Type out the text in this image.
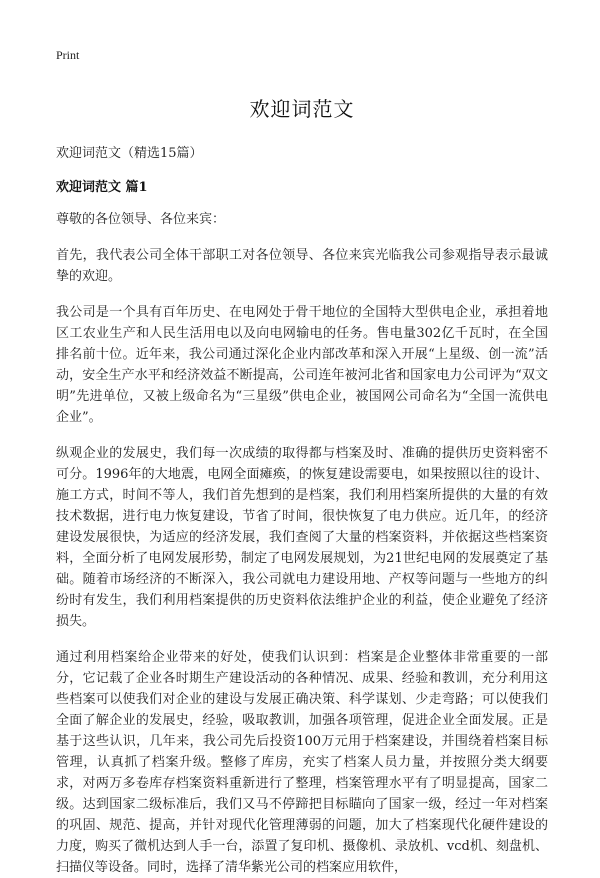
Print
欢迎词范文

欢迎词范文（精选15篇）

欢迎词范文 篇1

尊敬的各位领导、各位来宾：

首先，我代表公司全体干部职工对各位领导、各位来宾光临我公司参观指导表示最诚挚的欢迎。

我公司是一个具有百年历史、在电网处于骨干地位的全国特大型供电企业，承担着地区工农业生产和人民生活用电以及向电网输电的任务。售电量302亿千瓦时，在全国排名前十位。近年来，我公司通过深化企业内部改革和深入开展“上星级、创一流”活动，安全生产水平和经济效益不断提高，公司连年被河北省和国家电力公司评为“双文明”先进单位，又被上级命名为“三星级”供电企业，被国网公司命名为“全国一流供电企业”。

纵观企业的发展史，我们每一次成绩的取得都与档案及时、准确的提供历史资料密不可分。1996年的大地震，电网全面瘫痪，的恢复建设需要电，如果按照以往的设计、施工方式，时间不等人，我们首先想到的是档案，我们利用档案所提供的大量的有效技术数据，进行电力恢复建设，节省了时间，很快恢复了电力供应。近几年，的经济建设发展很快，为适应的经济发展，我们查阅了大量的档案资料，并依据这些档案资料，全面分析了电网发展形势，制定了电网发展规划，为21世纪电网的发展奠定了基础。随着市场经济的不断深入，我公司就电力建设用地、产权等问题与一些地方的纠纷时有发生，我们利用档案提供的历史资料依法维护企业的利益，使企业避免了经济损失。

通过利用档案给企业带来的好处，使我们认识到：档案是企业整体非常重要的一部分，它记载了企业各时期生产建设活动的各种情况、成果、经验和教训，充分利用这些档案可以使我们对企业的建设与发展正确决策、科学谋划、少走弯路；可以使我们全面了解企业的发展史，经验，吸取教训，加强各项管理，促进企业全面发展。正是基于这些认识，几年来，我公司先后投资100万元用于档案建设，并围绕着档案目标管理，认真抓了档案升级。整修了库房，充实了档案人员力量，并按照分类大纲要求，对两万多卷库存档案资料重新进行了整理，档案管理水平有了明显提高，国家二级。达到国家二级标准后，我们又马不停蹄把目标瞄向了国家一级，经过一年对档案的巩固、规范、提高，并针对现代化管理薄弱的问题，加大了档案现代化硬件建设的力度，购买了微机达到人手一台，添置了复印机、摄像机、录放机、vcd机、刻盘机、扫描仪等设备。同时，选择了清华紫光公司的档案应用软件，
